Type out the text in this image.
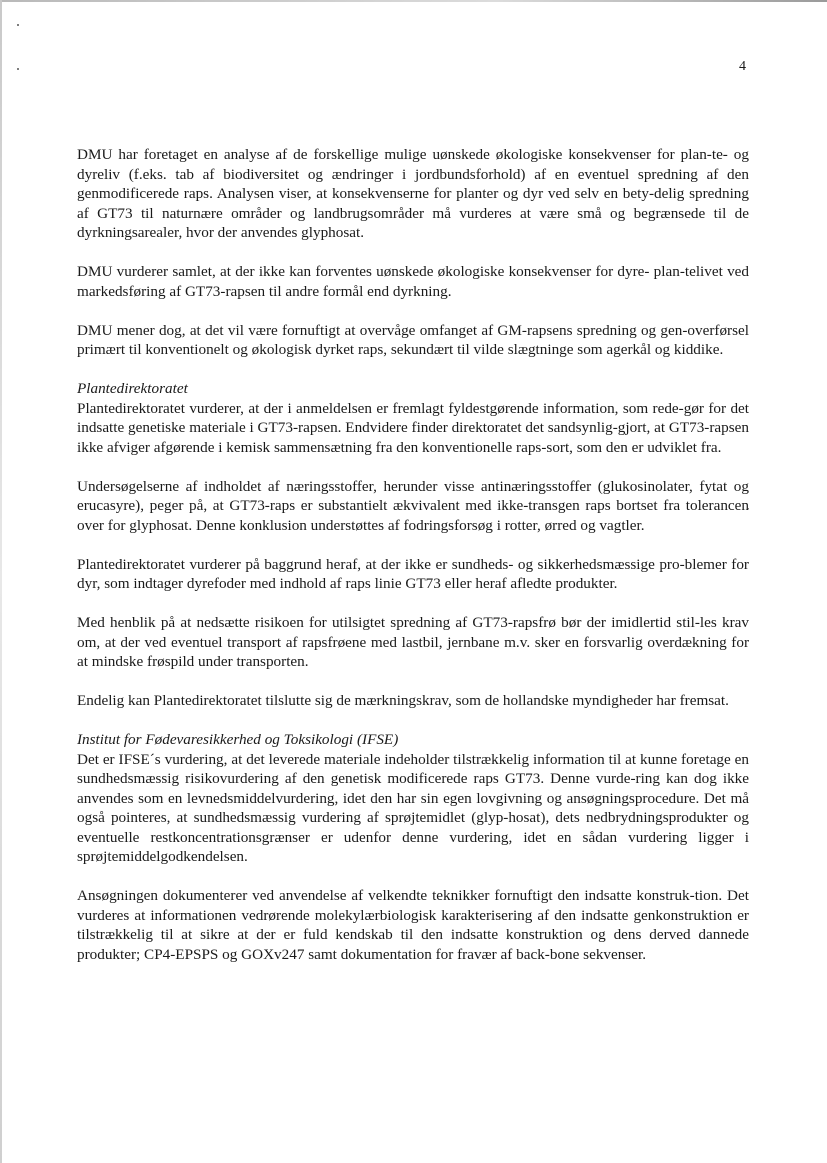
4

DMU har foretaget en analyse af de forskellige mulige uønskede økologiske konsekvenser for plan-te- og dyreliv (f.eks. tab af biodiversitet og ændringer i jordbundsforhold) af en eventuel spredning af den genmodificerede raps. Analysen viser, at konsekvenserne for planter og dyr ved selv en bety-delig spredning af GT73 til naturnære områder og landbrugsområder må vurderes at være små og begrænsede til de dyrkningsarealer, hvor der anvendes glyphosat.

DMU vurderer samlet, at der ikke kan forventes uønskede økologiske konsekvenser for dyre- plan-telivet ved markedsføring af GT73-rapsen til andre formål end dyrkning.

DMU mener dog, at det vil være fornuftigt at overvåge omfanget af GM-rapsens spredning og gen-overførsel primært til konventionelt og økologisk dyrket raps, sekundært til vilde slægtninge som agerkål og kiddike.

Plantedirektoratet

Plantedirektoratet vurderer, at der i anmeldelsen er fremlagt fyldestgørende information, som rede-gør for det indsatte genetiske materiale i GT73-rapsen. Endvidere finder direktoratet det sandsynlig-gjort, at GT73-rapsen ikke afviger afgørende i kemisk sammensætning fra den konventionelle raps-sort, som den er udviklet fra.

Undersøgelserne af indholdet af næringsstoffer, herunder visse antinæringsstoffer (glukosinolater, fytat og erucasyre), peger på, at GT73-raps er substantielt ækvivalent med ikke-transgen raps bortset fra tolerancen over for glyphosat. Denne konklusion understøttes af fodringsforsøg i rotter, ørred og vagtler.

Plantedirektoratet vurderer på baggrund heraf, at der ikke er sundheds- og sikkerhedsmæssige pro-blemer for dyr, som indtager dyrefoder med indhold af raps linie GT73 eller heraf afledte produkter.

Med henblik på at nedsætte risikoen for utilsigtet spredning af GT73-rapsfrø bør der imidlertid stil-les krav om, at der ved eventuel transport af rapsfrøene med lastbil, jernbane m.v. sker en forsvarlig overdækning for at mindske frøspild under transporten.

Endelig kan Plantedirektoratet tilslutte sig de mærkningskrav, som de hollandske myndigheder har fremsat.

Institut for Fødevaresikkerhed og Toksikologi (IFSE)

Det er IFSE´s vurdering, at det leverede materiale indeholder tilstrækkelig information til at kunne foretage en sundhedsmæssig risikovurdering af den genetisk modificerede raps GT73. Denne vurde-ring kan dog ikke anvendes som en levnedsmiddelvurdering, idet den har sin egen lovgivning og ansøgningsprocedure. Det må også pointeres, at sundhedsmæssig vurdering af sprøjtemidlet (glyp-hosat), dets nedbrydningsprodukter og eventuelle restkoncentrationsgrænser er udenfor denne vurdering, idet en sådan vurdering ligger i sprøjtemiddelgodkendelsen.

Ansøgningen dokumenterer ved anvendelse af velkendte teknikker fornuftigt den indsatte konstruk-tion. Det vurderes at informationen vedrørende molekylærbiologisk karakterisering af den indsatte genkonstruktion er tilstrækkelig til at sikre at der er fuld kendskab til den indsatte konstruktion og dens derved dannede produkter; CP4-EPSPS og GOXv247 samt dokumentation for fravær af back-bone sekvenser.
